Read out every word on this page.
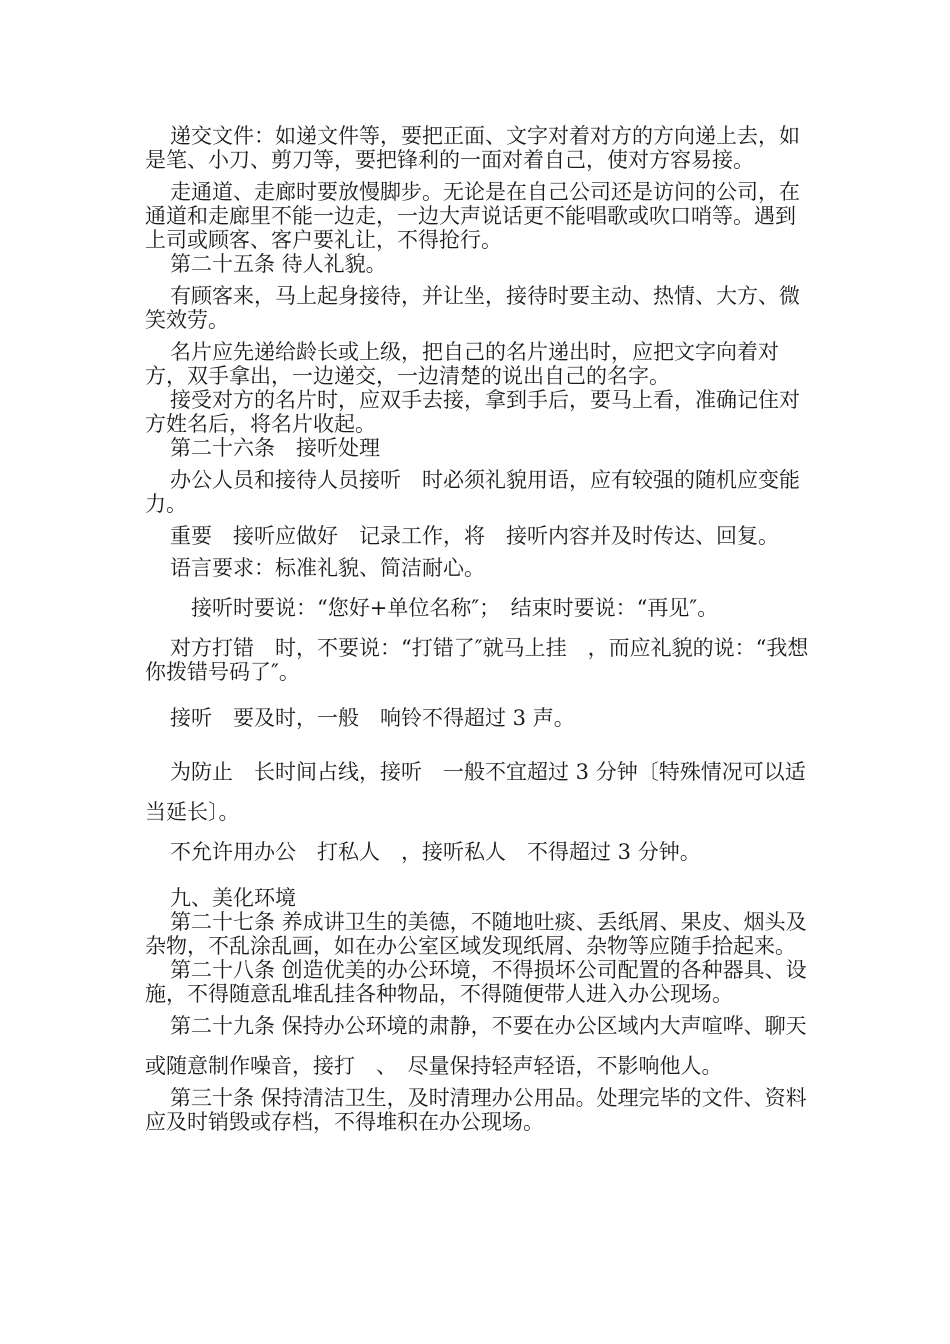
递交文件：如递文件等，要把正面、文字对着对方的方向递上去，如是笔、小刀、剪刀等，要把锋利的一面对着自己，使对方容易接。

走通道、走廊时要放慢脚步。无论是在自己公司还是访问的公司，在通道和走廊里不能一边走，一边大声说话更不能唱歌或吹口哨等。遇到上司或顾客、客户要礼让，不得抢行。

第二十五条 待人礼貌。

有顾客来，马上起身接待，并让坐，接待时要主动、热情、大方、微笑效劳。

名片应先递给龄长或上级，把自己的名片递出时，应把文字向着对方，双手拿出，一边递交，一边清楚的说出自己的名字。

接受对方的名片时，应双手去接，拿到手后，要马上看，准确记住对方姓名后，将名片收起。

第二十六条　接听处理

办公人员和接待人员接听　时必须礼貌用语，应有较强的随机应变能力。

重要　接听应做好　记录工作，将　接听内容并及时传达、回复。

语言要求：标准礼貌、简洁耐心。

　接听时要说：“您好+单位名称″；　结束时要说：“再见″。

对方打错　时，不要说：“打错了″就马上挂　，而应礼貌的说：“我想你拨错号码了″。

接听　要及时，一般　响铃不得超过 3 声。

为防止　长时间占线，接听　一般不宜超过 3 分钟〔特殊情况可以适当延长〕。

不允许用办公　打私人　，接听私人　不得超过 3 分钟。

九、美化环境

第二十七条 养成讲卫生的美德，不随地吐痰、丢纸屑、果皮、烟头及杂物，不乱涂乱画，如在办公室区域发现纸屑、杂物等应随手拾起来。

第二十八条 创造优美的办公环境，不得损坏公司配置的各种器具、设施，不得随意乱堆乱挂各种物品，不得随便带人进入办公现场。

第二十九条 保持办公环境的肃静，不要在办公区域内大声喧哗、聊天或随意制作噪音，接打　、　尽量保持轻声轻语，不影响他人。

第三十条 保持清洁卫生，及时清理办公用品。处理完毕的文件、资料应及时销毁或存档，不得堆积在办公现场。
